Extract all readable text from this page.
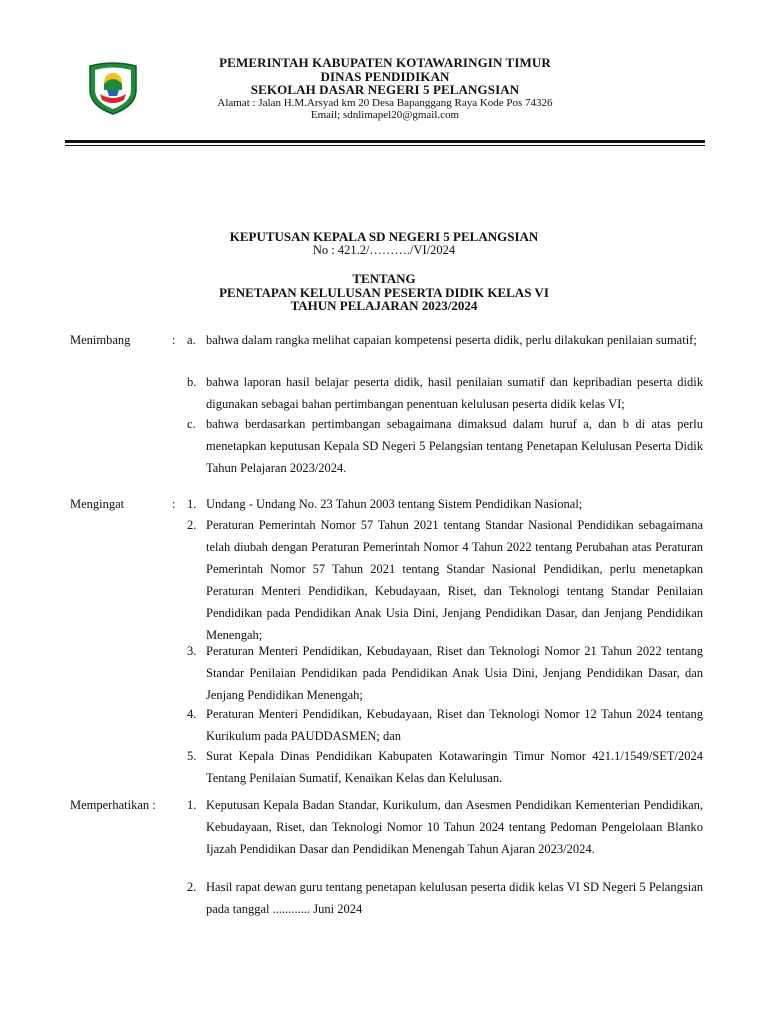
PEMERINTAH KABUPATEN KOTAWARINGIN TIMUR
DINAS PENDIDIKAN
SEKOLAH DASAR NEGERI 5 PELANGSIAN
Alamat : Jalan H.M.Arsyad km 20 Desa Bapanggang Raya Kode Pos 74326
Email; sdnlimapel20@gmail.com
KEPUTUSAN KEPALA SD NEGERI 5 PELANGSIAN
No : 421.2/………./VI/2024
TENTANG
PENETAPAN KELULUSAN PESERTA DIDIK KELAS VI
TAHUN PELAJARAN 2023/2024
Menimbang	: a. bahwa dalam rangka melihat capaian kompetensi peserta didik, perlu dilakukan penilaian sumatif;
b. bahwa laporan hasil belajar peserta didik, hasil penilaian sumatif dan kepribadian peserta didik digunakan sebagai bahan pertimbangan penentuan kelulusan peserta didik kelas VI;
c. bahwa berdasarkan pertimbangan sebagaimana dimaksud dalam huruf a, dan b di atas perlu menetapkan keputusan Kepala SD Negeri 5 Pelangsian tentang Penetapan Kelulusan Peserta Didik Tahun Pelajaran 2023/2024.
Mengingat	: 1. Undang - Undang No. 23 Tahun 2003 tentang Sistem Pendidikan Nasional;
2. Peraturan Pemerintah Nomor 57 Tahun 2021 tentang Standar Nasional Pendidikan sebagaimana telah diubah dengan Peraturan Pemerintah Nomor 4 Tahun 2022 tentang Perubahan atas Peraturan Pemerintah Nomor 57 Tahun 2021 tentang Standar Nasional Pendidikan, perlu menetapkan Peraturan Menteri Pendidikan, Kebudayaan, Riset, dan Teknologi tentang Standar Penilaian Pendidikan pada Pendidikan Anak Usia Dini, Jenjang Pendidikan Dasar, dan Jenjang Pendidikan Menengah;
3. Peraturan Menteri Pendidikan, Kebudayaan, Riset dan Teknologi Nomor 21 Tahun 2022 tentang Standar Penilaian Pendidikan pada Pendidikan Anak Usia Dini, Jenjang Pendidikan Dasar, dan Jenjang Pendidikan Menengah;
4. Peraturan Menteri Pendidikan, Kebudayaan, Riset dan Teknologi Nomor 12 Tahun 2024 tentang Kurikulum pada PAUDDASMEN; dan
5. Surat Kepala Dinas Pendidikan Kabupaten Kotawaringin Timur Nomor 421.1/1549/SET/2024 Tentang Penilaian Sumatif, Kenaikan Kelas dan Kelulusan.
Memperhatikan :	1. Keputusan Kepala Badan Standar, Kurikulum, dan Asesmen Pendidikan Kementerian Pendidikan, Kebudayaan, Riset, dan Teknologi Nomor 10 Tahun 2024 tentang Pedoman Pengelolaan Blanko Ijazah Pendidikan Dasar dan Pendidikan Menengah Tahun Ajaran 2023/2024.
2. Hasil rapat dewan guru tentang penetapan kelulusan peserta didik kelas VI SD Negeri 5 Pelangsian pada tanggal ............ Juni 2024
